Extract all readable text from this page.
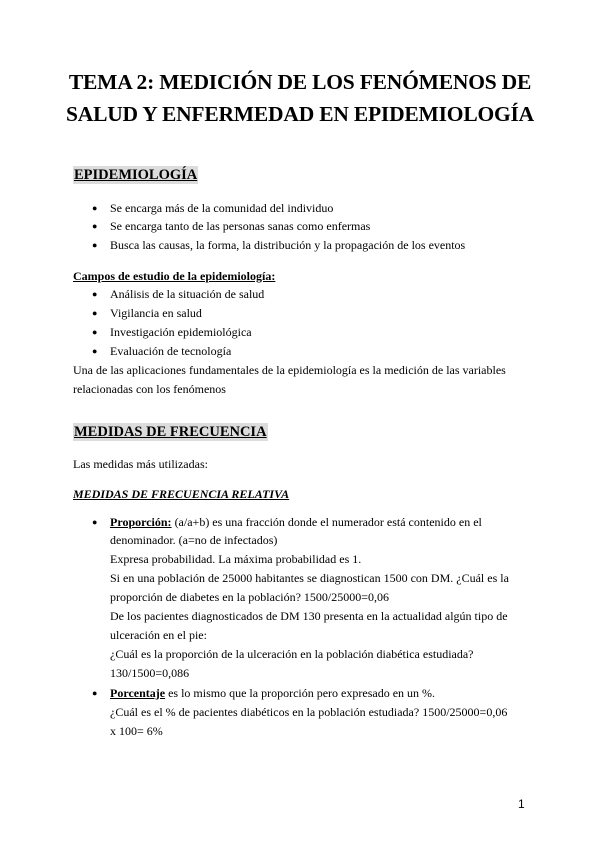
TEMA 2: MEDICIÓN DE LOS FENÓMENOS DE
SALUD Y ENFERMEDAD EN EPIDEMIOLOGÍA
EPIDEMIOLOGÍA
● Se encarga más de la comunidad del individuo
● Se encarga tanto de las personas sanas como enfermas
● Busca las causas, la forma, la distribución y la propagación de los eventos
Campos de estudio de la epidemiología:
● Análisis de la situación de salud
● Vigilancia en salud
● Investigación epidemiológica
● Evaluación de tecnología
Una de las aplicaciones fundamentales de la epidemiología es la medición de las variables
relacionadas con los fenómenos
MEDIDAS DE FRECUENCIA
Las medidas más utilizadas:
MEDIDAS DE FRECUENCIA RELATIVA
● Proporción: (a/a+b) es una fracción donde el numerador está contenido en el
denominador. (a=no de infectados)
Expresa probabilidad. La máxima probabilidad es 1.
Si en una población de 25000 habitantes se diagnostican 1500 con DM. ¿Cuál es la
proporción de diabetes en la población? 1500/25000=0,06
De los pacientes diagnosticados de DM 130 presenta en la actualidad algún tipo de
ulceración en el pie:
¿Cuál es la proporción de la ulceración en la población diabética estudiada?
130/1500=0,086
● Porcentaje es lo mismo que la proporción pero expresado en un %.
¿Cuál es el % de pacientes diabéticos en la población estudiada? 1500/25000=0,06
x 100= 6%
1
